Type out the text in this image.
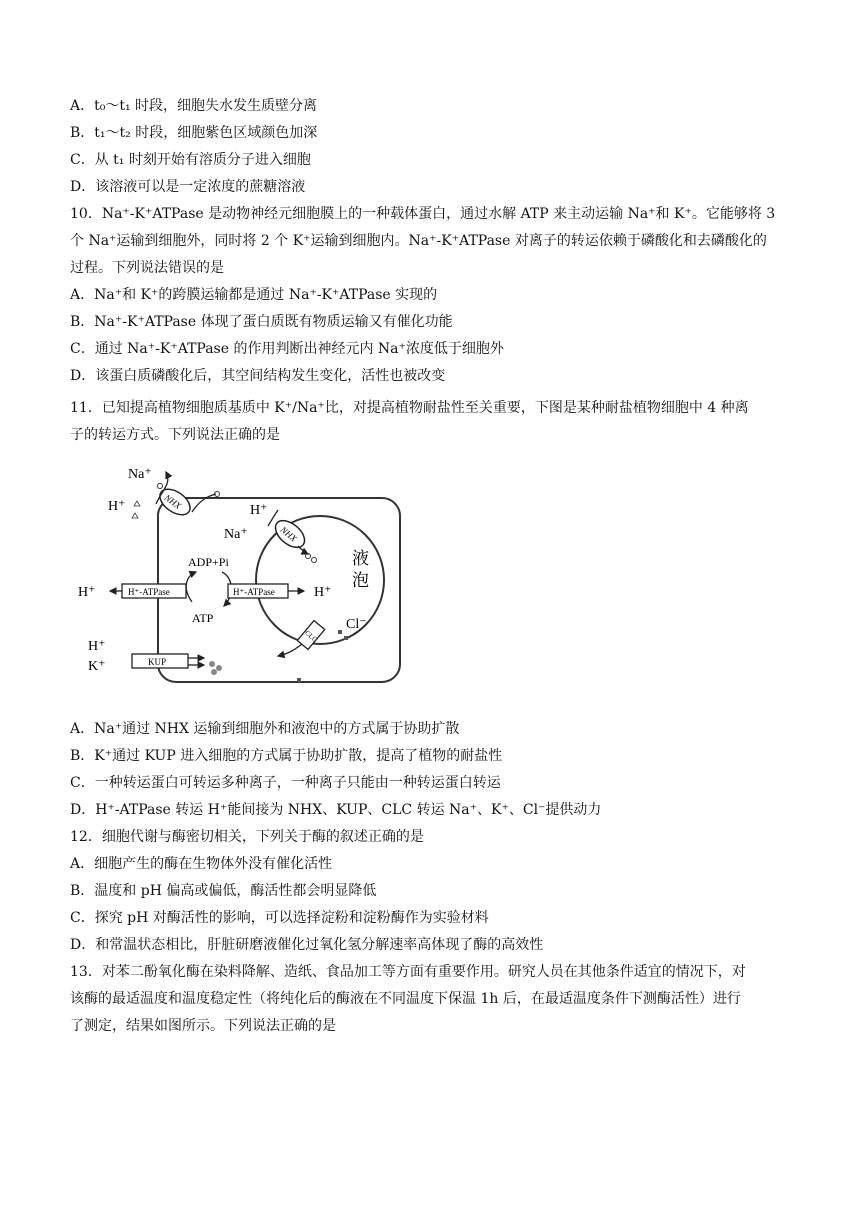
A．t₀～t₁ 时段，细胞失水发生质壁分离
B．t₁～t₂ 时段，细胞紫色区域颜色加深
C．从 t₁ 时刻开始有溶质分子进入细胞
D．该溶液可以是一定浓度的蔗糖溶液
10．Na⁺-K⁺ATPase 是动物神经元细胞膜上的一种载体蛋白，通过水解 ATP 来主动运输 Na⁺和 K⁺。它能够将 3
个 Na⁺运输到细胞外，同时将 2 个 K⁺运输到细胞内。Na⁺-K⁺ATPase 对离子的转运依赖于磷酸化和去磷酸化的
过程。下列说法错误的是
A．Na⁺和 K⁺的跨膜运输都是通过 Na⁺-K⁺ATPase 实现的
B．Na⁺-K⁺ATPase 体现了蛋白质既有物质运输又有催化功能
C．通过 Na⁺-K⁺ATPase 的作用判断出神经元内 Na⁺浓度低于细胞外
D．该蛋白质磷酸化后，其空间结构发生变化，活性也被改变
11．已知提高植物细胞质基质中 K⁺/Na⁺比，对提高植物耐盐性至关重要，下图是某种耐盐植物细胞中 4 种离
子的转运方式。下列说法正确的是
液
泡
NHX
Na⁺
H⁺
NHX
H⁺
Na⁺
ADP+Pi
ATP
H⁺-ATPase
H⁺	H⁺-ATPase	H⁺
CLC
Cl⁻
KUP
H⁺
K⁺
A．Na⁺通过 NHX 运输到细胞外和液泡中的方式属于协助扩散
B．K⁺通过 KUP 进入细胞的方式属于协助扩散，提高了植物的耐盐性
C．一种转运蛋白可转运多种离子，一种离子只能由一种转运蛋白转运
D．H⁺-ATPase 转运 H⁺能间接为 NHX、KUP、CLC 转运 Na⁺、K⁺、Cl⁻提供动力
12．细胞代谢与酶密切相关，下列关于酶的叙述正确的是
A．细胞产生的酶在生物体外没有催化活性
B．温度和 pH 偏高或偏低，酶活性都会明显降低
C．探究 pH 对酶活性的影响，可以选择淀粉和淀粉酶作为实验材料
D．和常温状态相比，肝脏研磨液催化过氧化氢分解速率高体现了酶的高效性
13．对苯二酚氧化酶在染料降解、造纸、食品加工等方面有重要作用。研究人员在其他条件适宜的情况下，对
该酶的最适温度和温度稳定性（将纯化后的酶液在不同温度下保温 1h 后，在最适温度条件下测酶活性）进行
了测定，结果如图所示。下列说法正确的是
